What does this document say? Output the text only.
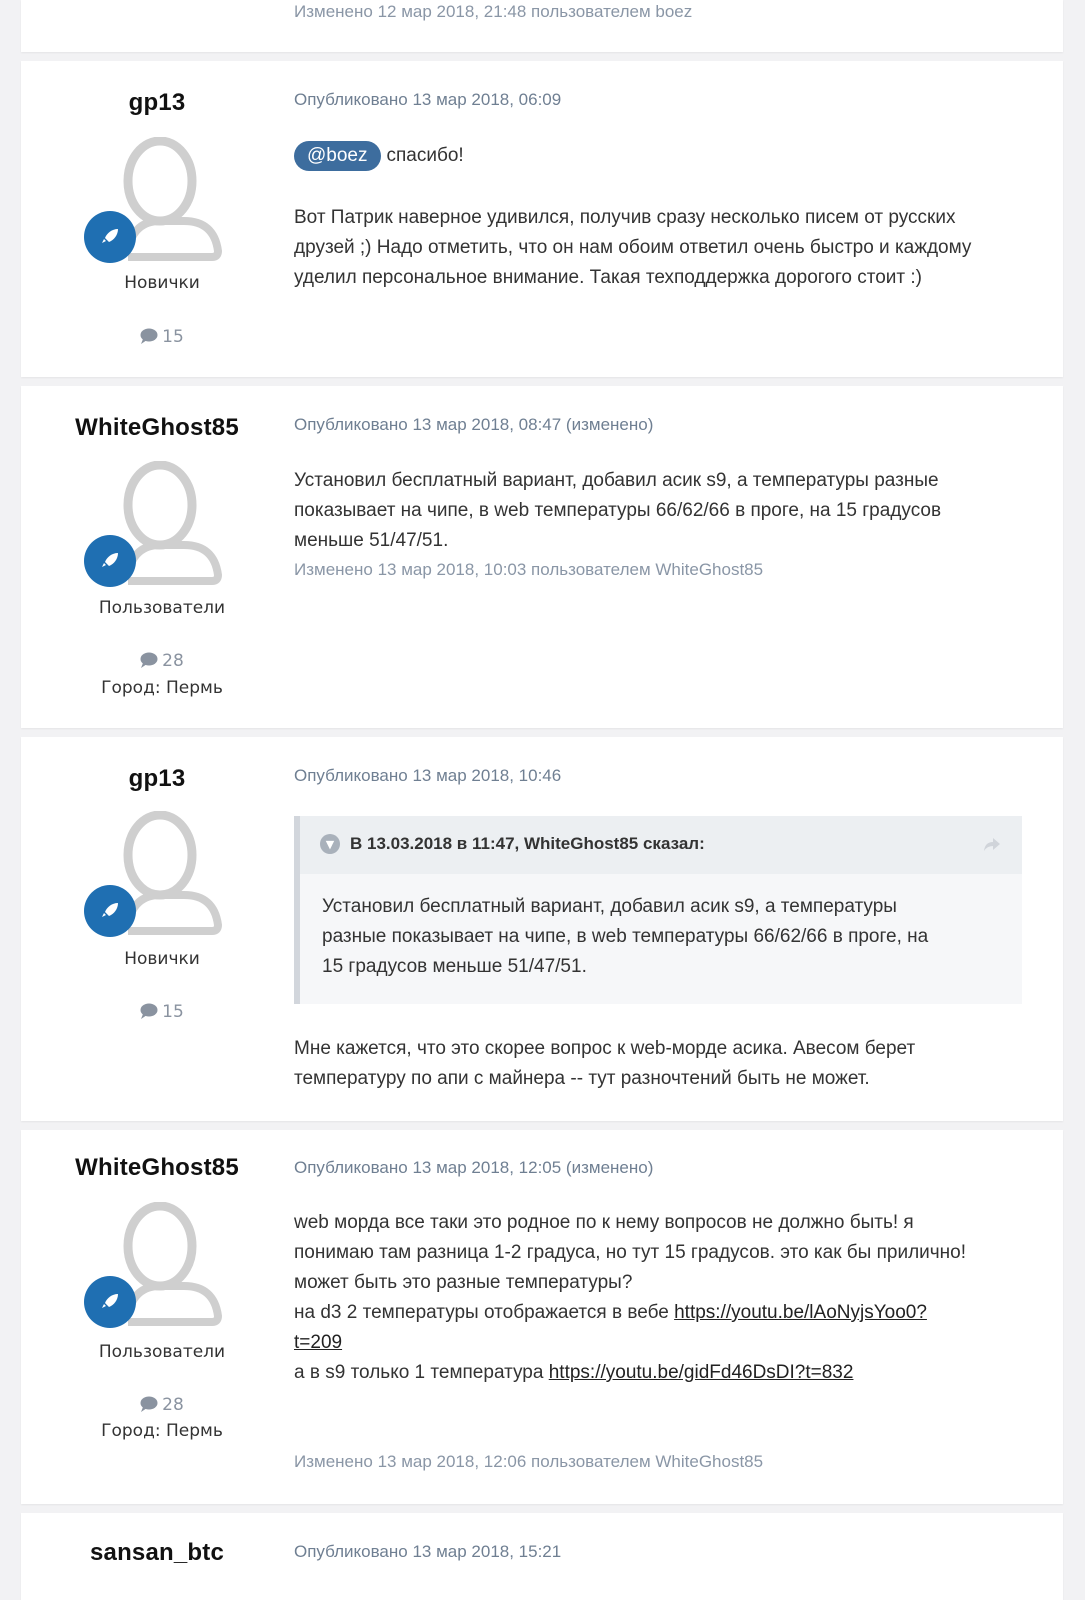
Изменено 12 мар 2018, 21:48 пользователем boez
gp13
Новички
15
Опубликовано 13 мар 2018, 06:09
@boez спасибо!
Вот Патрик наверное удивился, получив сразу несколько писем от русских
друзей ;) Надо отметить, что он нам обоим ответил очень быстро и каждому
уделил персональное внимание. Такая техподдержка дорогого стоит :)
WhiteGhost85
Пользователи
28
Город: Пермь
Опубликовано 13 мар 2018, 08:47 (изменено)
Установил бесплатный вариант, добавил асик s9, а температуры разные
показывает на чипе, в web температуры 66/62/66 в проге, на 15 градусов
меньше 51/47/51.
Изменено 13 мар 2018, 10:03 пользователем WhiteGhost85
gp13
Новички
15
Опубликовано 13 мар 2018, 10:46
▼ В 13.03.2018 в 11:47, WhiteGhost85 сказал:
Установил бесплатный вариант, добавил асик s9, а температуры
разные показывает на чипе, в web температуры 66/62/66 в проге, на
15 градусов меньше 51/47/51.
Мне кажется, что это скорее вопрос к web-морде асика. Авесом берет
температуру по апи с майнера -- тут разночтений быть не может.
WhiteGhost85
Пользователи
28
Город: Пермь
Опубликовано 13 мар 2018, 12:05 (изменено)
web морда все таки это родное по к нему вопросов не должно быть! я
понимаю там разница 1-2 градуса, но тут 15 градусов. это как бы прилично!
может быть это разные температуры?
на d3 2 температуры отображается в вебе https://youtu.be/lAoNyjsYoo0?
t=209
а в s9 только 1 температура https://youtu.be/gidFd46DsDI?t=832
Изменено 13 мар 2018, 12:06 пользователем WhiteGhost85
sansan_btc	Опубликовано 13 мар 2018, 15:21
